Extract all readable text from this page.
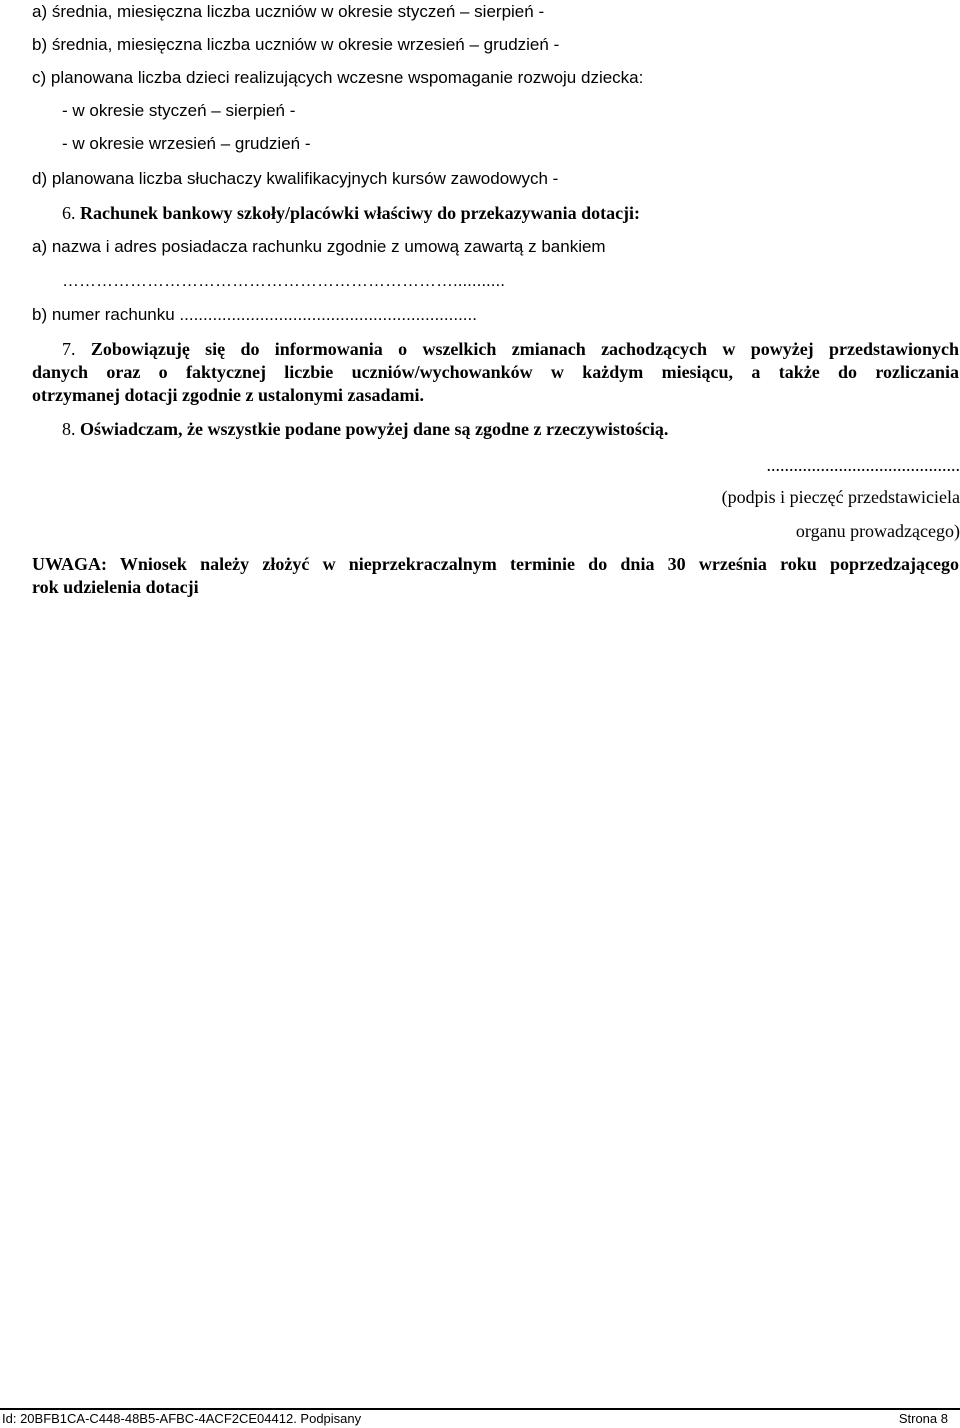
a) średnia, miesięczna liczba uczniów w okresie styczeń – sierpień -
b) średnia, miesięczna liczba uczniów w okresie wrzesień – grudzień -
c) planowana liczba dzieci realizujących wczesne wspomaganie rozwoju dziecka:
- w okresie styczeń – sierpień -
- w okresie wrzesień – grudzień -
d) planowana liczba słuchaczy kwalifikacyjnych kursów zawodowych -
6. Rachunek bankowy szkoły/placówki właściwy do przekazywania dotacji:
a) nazwa i adres posiadacza rachunku zgodnie z umową zawartą z bankiem
……………………………………………………………...........
b) numer rachunku ...............................................................
7. Zobowiązuję się do informowania o wszelkich zmianach zachodzących w powyżej przedstawionych
danych oraz o faktycznej liczbie uczniów/wychowanków w każdym miesiącu, a także do rozliczania
otrzymanej dotacji zgodnie z ustalonymi zasadami.
8. Oświadczam, że wszystkie podane powyżej dane są zgodne z rzeczywistością.
...........................................
(podpis i pieczęć przedstawiciela
organu prowadzącego)
UWAGA: Wniosek należy złożyć w nieprzekraczalnym terminie do dnia 30 września roku poprzedzającego
rok udzielenia dotacji
Id: 20BFB1CA-C448-48B5-AFBC-4ACF2CE04412. Podpisany	Strona 8
